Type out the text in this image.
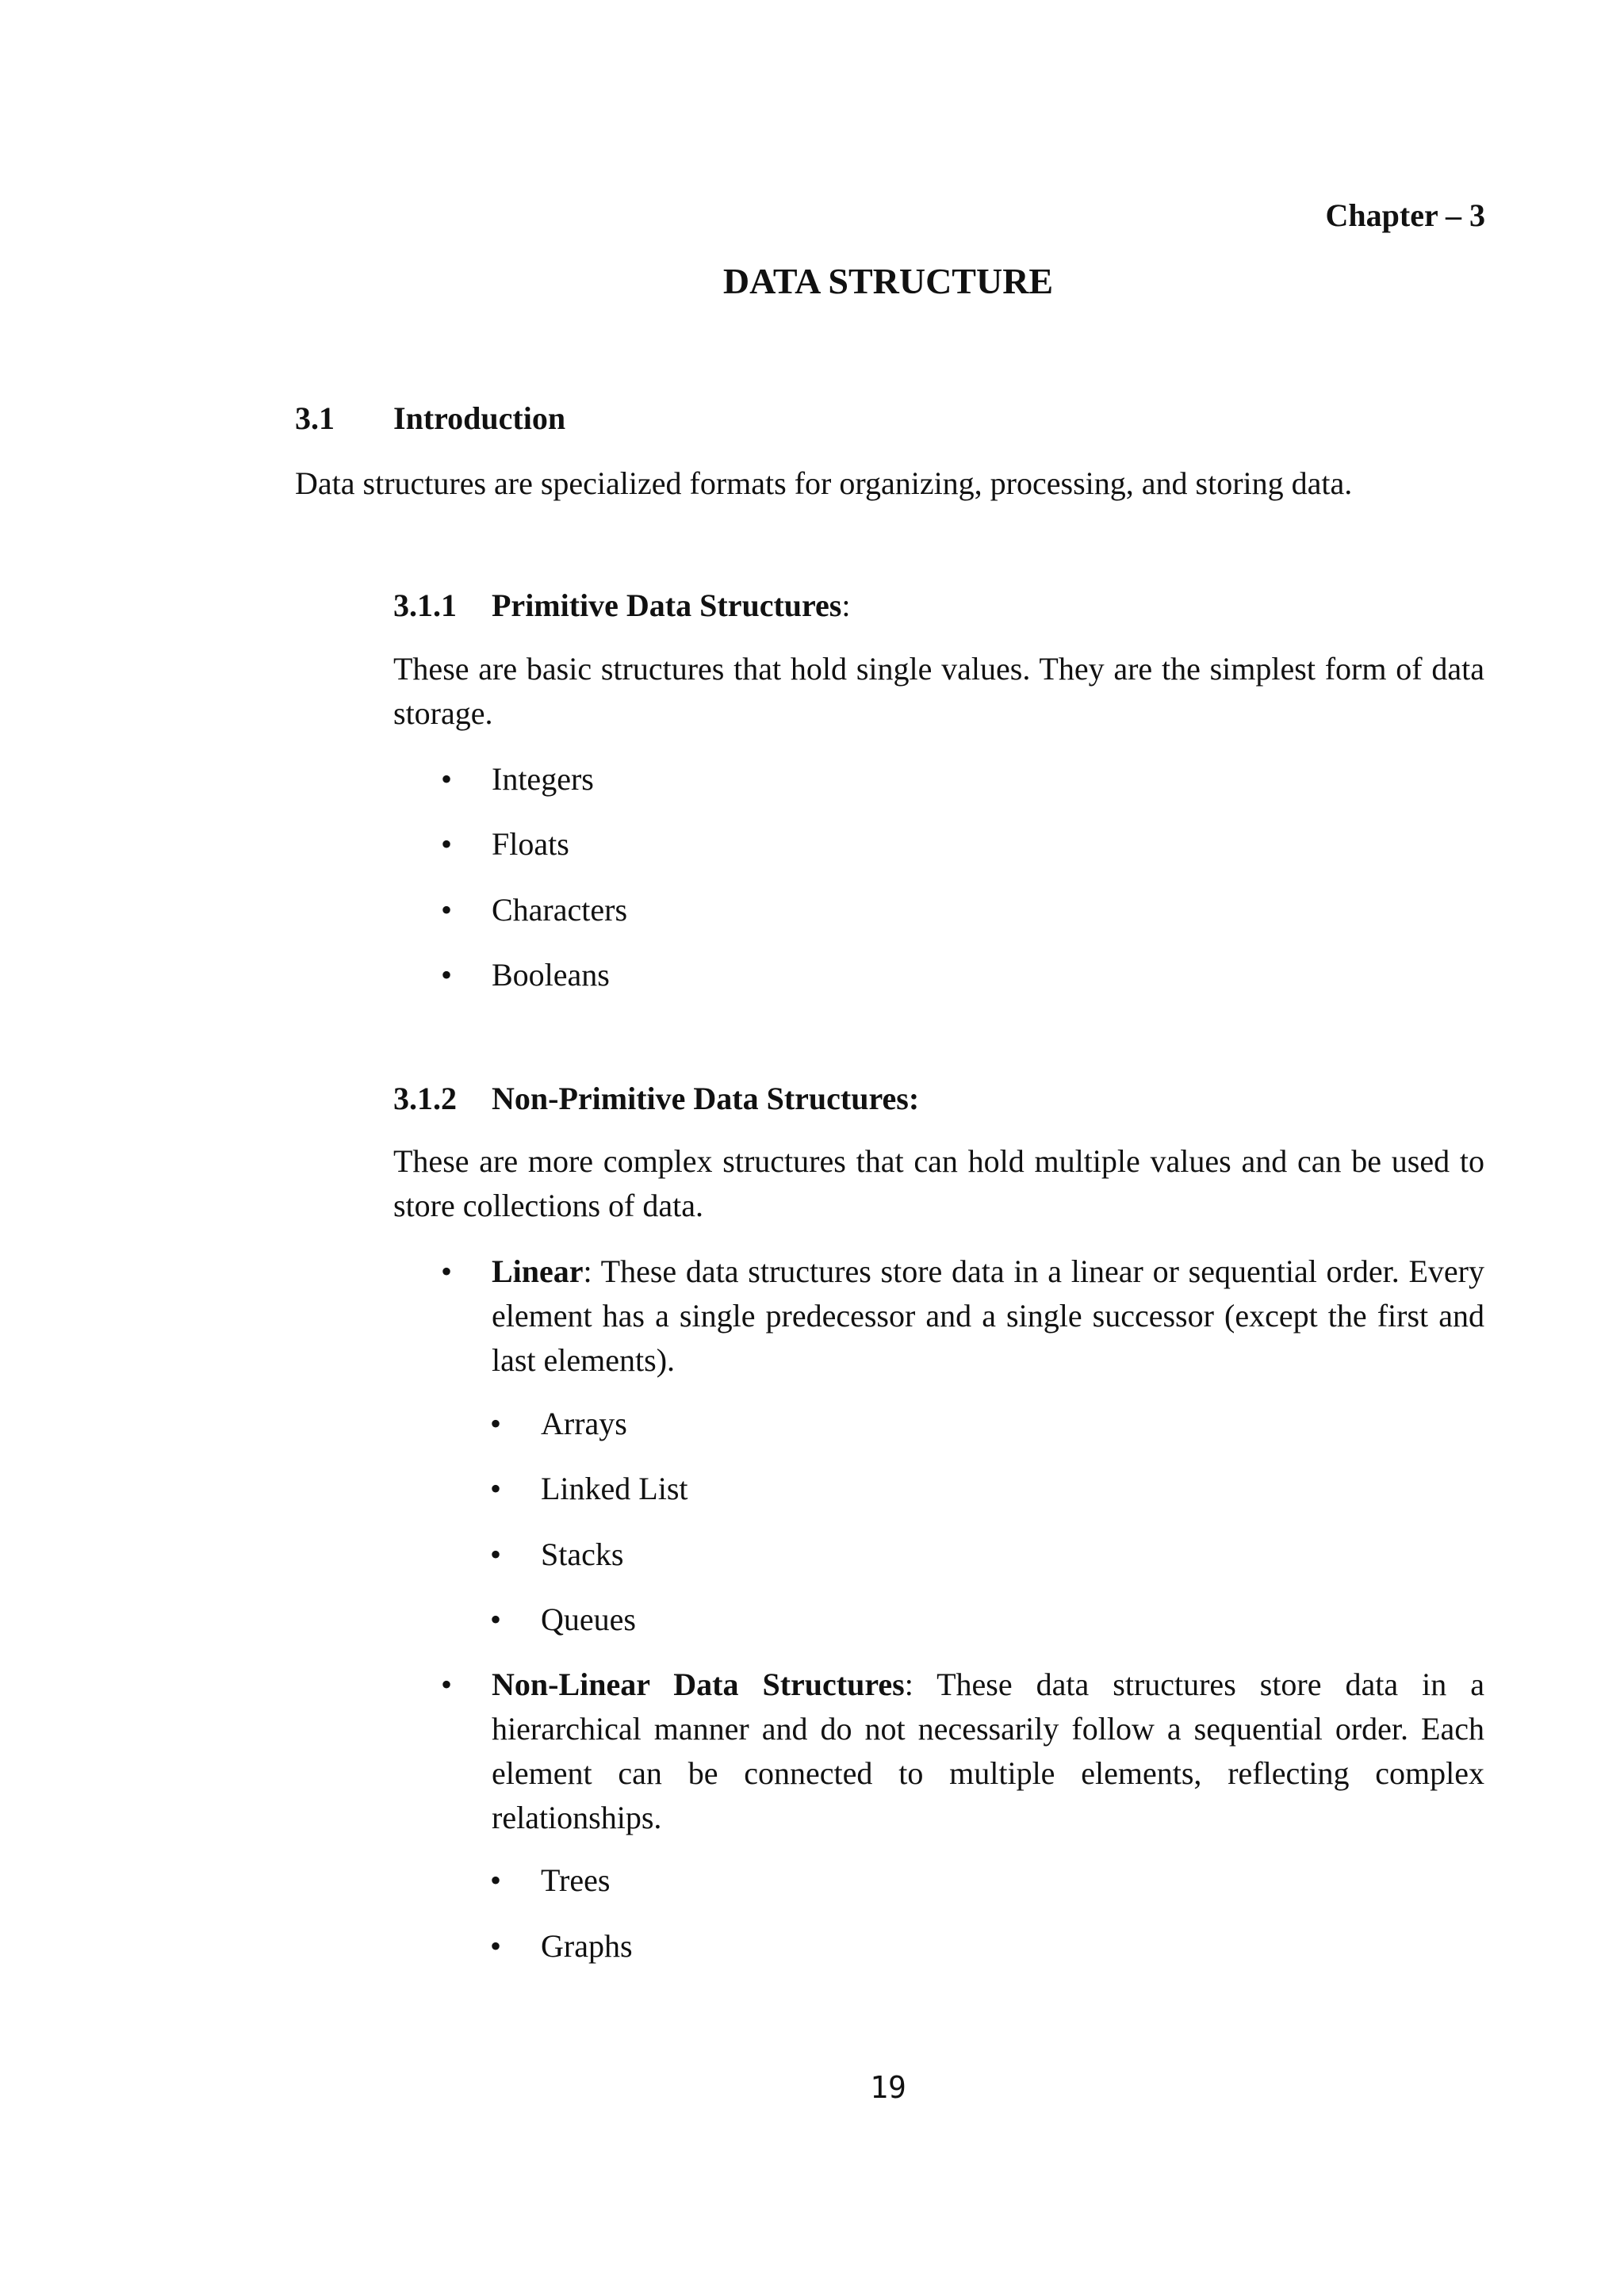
Chapter – 3
DATA STRUCTURE
3.1 Introduction
Data structures are specialized formats for organizing, processing, and storing data.
3.1.1 Primitive Data Structures:
These are basic structures that hold single values. They are the simplest form of data storage.
• Integers
• Floats
• Characters
• Booleans
3.1.2 Non-Primitive Data Structures:
These are more complex structures that can hold multiple values and can be used to store collections of data.
• Linear: These data structures store data in a linear or sequential order. Every element has a single predecessor and a single successor (except the first and last elements).
• Arrays
• Linked List
• Stacks
• Queues
• Non-Linear Data Structures: These data structures store data in a hierarchical manner and do not necessarily follow a sequential order. Each element can be connected to multiple elements, reflecting complex relationships.
• Trees
• Graphs
19
